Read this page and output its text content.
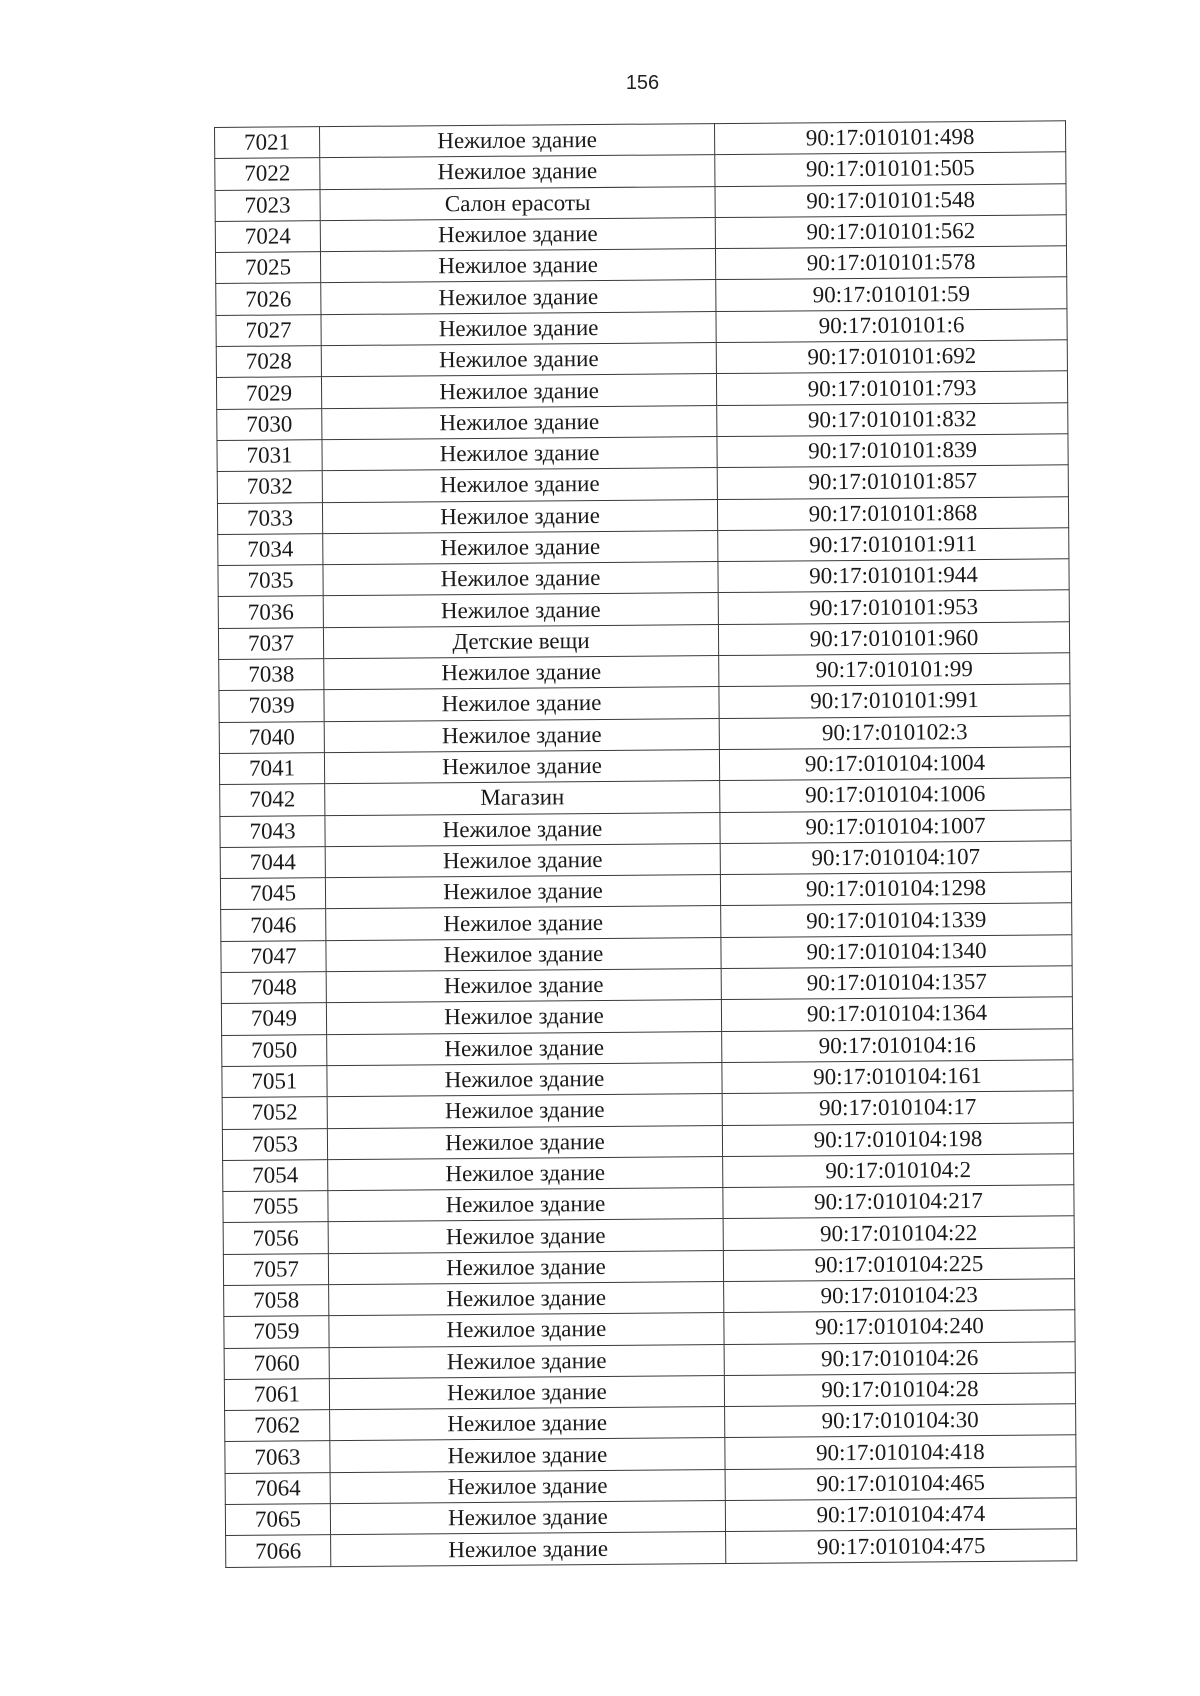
156
7021	Нежилое здание	90:17:010101:498
7022	Нежилое здание	90:17:010101:505
7023	Салон ерасоты	90:17:010101:548
7024	Нежилое здание	90:17:010101:562
7025	Нежилое здание	90:17:010101:578
7026	Нежилое здание	90:17:010101:59
7027	Нежилое здание	90:17:010101:6
7028	Нежилое здание	90:17:010101:692
7029	Нежилое здание	90:17:010101:793
7030	Нежилое здание	90:17:010101:832
7031	Нежилое здание	90:17:010101:839
7032	Нежилое здание	90:17:010101:857
7033	Нежилое здание	90:17:010101:868
7034	Нежилое здание	90:17:010101:911
7035	Нежилое здание	90:17:010101:944
7036	Нежилое здание	90:17:010101:953
7037	Детские вещи	90:17:010101:960
7038	Нежилое здание	90:17:010101:99
7039	Нежилое здание	90:17:010101:991
7040	Нежилое здание	90:17:010102:3
7041	Нежилое здание	90:17:010104:1004
7042	Магазин	90:17:010104:1006
7043	Нежилое здание	90:17:010104:1007
7044	Нежилое здание	90:17:010104:107
7045	Нежилое здание	90:17:010104:1298
7046	Нежилое здание	90:17:010104:1339
7047	Нежилое здание	90:17:010104:1340
7048	Нежилое здание	90:17:010104:1357
7049	Нежилое здание	90:17:010104:1364
7050	Нежилое здание	90:17:010104:16
7051	Нежилое здание	90:17:010104:161
7052	Нежилое здание	90:17:010104:17
7053	Нежилое здание	90:17:010104:198
7054	Нежилое здание	90:17:010104:2
7055	Нежилое здание	90:17:010104:217
7056	Нежилое здание	90:17:010104:22
7057	Нежилое здание	90:17:010104:225
7058	Нежилое здание	90:17:010104:23
7059	Нежилое здание	90:17:010104:240
7060	Нежилое здание	90:17:010104:26
7061	Нежилое здание	90:17:010104:28
7062	Нежилое здание	90:17:010104:30
7063	Нежилое здание	90:17:010104:418
7064	Нежилое здание	90:17:010104:465
7065	Нежилое здание	90:17:010104:474
7066	Нежилое здание	90:17:010104:475
